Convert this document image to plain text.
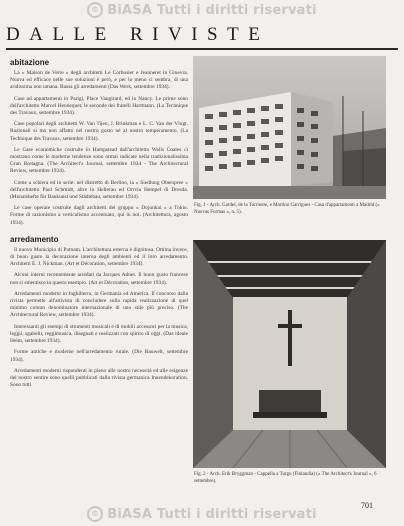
© BiASA Tutti i diritti riservati
DALLE RIVISTE
abitazione

La « Maison de Verre » degli architetti Le Corbusier e Jeanneret in Ginevra. Nuova ed efficace nelle sue soluzioni è però, e per lo meno ci sembra, di una aridissima non umana. Bassa gli arredamenti (Das Werk, settembre 1934).

Case ad appartamenti in Parigi, Place Vaugirard, ed in Nancy. Le prime sono dell'architetto Marcel Hennequet, le seconde dei fratelli Hartmann. (La Technique des Travaux, settembre 1934).

Case popolari degli architetti W. Van Tijen, J. Brinkman e L. C. Van der Vlugt. Razionali si ma non affatto nel nostro gusto né al nostro temperamento. (La Technique des Travaux, settembre 1934).

Le Case economiche costruite in Hampstead dall'architetto Wells Coates ci mostrano come le moderne tendenze sono ormai radicate nella tradizionalissima Gran Bretagna. (The Architect's Journal, settembre 1934 - The Architectural Review, settembre 1934).

Come a schiera ed in serie: nel distretto di Berlino, la « Siedlung Oberspree » dell'architetto Paul Schmidt, altre in Hellerau ed Orrvia Hempel di Dresda. (Monatshefte für Baukunst und Städtebau, settembre 1934).

Le case operaie costruite dagli architetti del gruppo « Dojunkai » a Tokio. Forme di razionismo a verticalismo accentuato, qui in noi. (Architettura, agosto 1934).

arredamento

Il nuovo Municipio di Putnam. L'architettura esterna è dignitosa. Ottima invece, di buon gusto la decorazione interna degli ambienti ed il loro arredamento. Architetti E. J. Nickman. (Art et Décoration, settembre 1934).

Alcuni interni recentemente arredati da Jacques Adnet. Il buon gusto francese non si smentisce in questo esempio. (Art et Décoration, settembre 1934).

Arredamenti moderni in Inghilterra, in Germania ed America. Il concorso dalla rivista permette all'attivista di concludere sulla rapida realizzazione di quel minimo comun denominatore internazionale di uno stile più preciso. (The Architectural Review, settembre 1934).

Interessanti gli esempi di strumenti musicali e di mobili accessori per la musica, leggii, sgabelli, reggimusica, disegnati e realizzati con spirito di oggi. (Das ideale Heim, settembre 1934).

Forme antiche e moderne nell'arredamento rurale. (Die Bauwelt, settembre 1934).

Arredamenti moderni rispondenti in pieno alle nostre necessità ed alle esigenze del nostro sentire sono quelli pubblicati dalla rivista germanica Innendekoration. Sono tutti

Fig. 1 - Arch. Gardel, de la Torriente, e Martino Garrigues - Casa d'appartamenti a Madrid (« Nuevas Formas », n. 5).
Fig. 2 - Arch. Erik Bryggman - Cappella a Turgu (Finlandia) (« The Architect's Journal », 6 settembre).
701
© BiASA Tutti i diritti riservati
